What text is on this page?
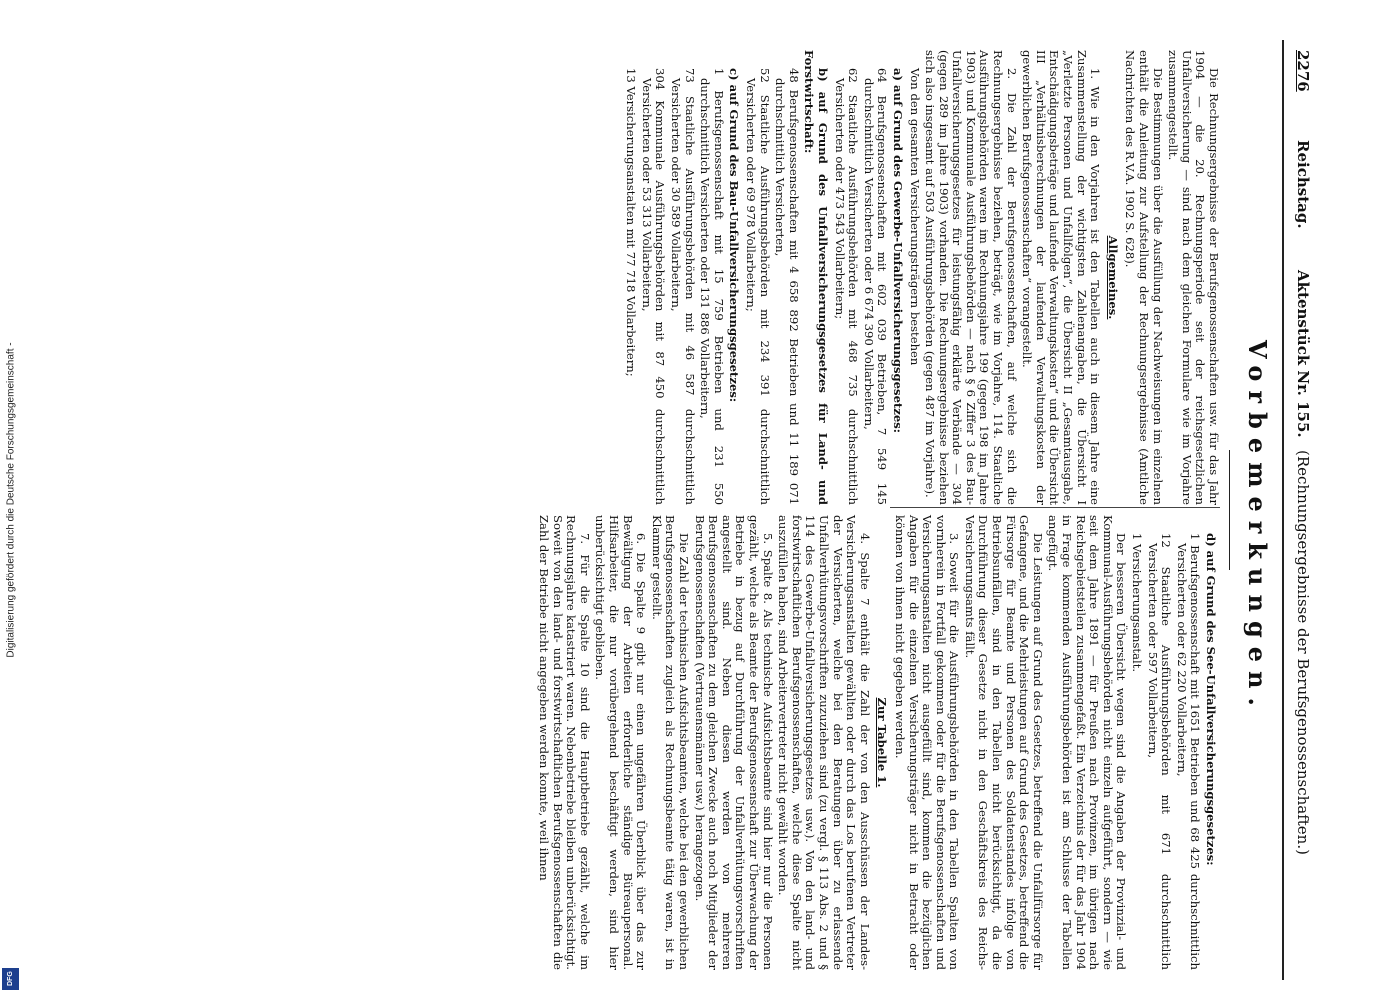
Digitalisierung gefördert durch die Deutsche Forschungsgemeinschaft -
DFG
2276
Reichstag.
Aktenstück Nr. 155.
(Rechnungsergebnisse der Berufsgenossenschaften.)
Vorbemerkungen.

Die Rechnungsergebnisse der Berufsgenossenschaften usw. für das Jahr 1904 — die 20. Rechnungsperiode seit der reichsgesetzlichen Unfallversicherung — sind nach dem gleichen Formulare wie im Vorjahre zusammengestellt.

Die Bestimmungen über die Ausfüllung der Nachweisungen im einzelnen enthält die Anleitung zur Aufstellung der Rechnungsergebnisse (Amtliche Nachrichten des R.V.A. 1902 S. 628).

Allgemeines.

1. Wie in den Vorjahren ist den Tabellen auch in diesem Jahre eine Zusammenstellung der wichtigsten Zahlenangaben, die Übersicht I „Verletzte Personen und Unfallfolgen“, die Übersicht II „Gesamtausgabe, Entschädigungsbeträge und laufende Verwaltungskosten“ und die Übersicht III „Verhältnisberechnungen der laufenden Verwaltungskosten der gewerblichen Berufsgenossenschaften“ vorangestellt.

2. Die Zahl der Berufsgenossenschaften, auf welche sich die Rechnungsergebnisse beziehen, beträgt, wie im Vorjahre, 114. Staatliche Ausführungsbehörden waren im Rechnungsjahre 199 (gegen 198 im Jahre 1903) und Kommunale Ausführungsbehörden — nach § 6 Ziffer 3 des Bau-Unfallversicherungsgesetzes für leistungsfähig erklärte Verbände — 304 (gegen 289 im Jahre 1903) vorhanden. Die Rechnungsergebnisse beziehen sich also insgesamt auf 503 Ausführungsbehörden (gegen 487 im Vorjahre).

Von den gesamten Versicherungsträgern bestehen

a) auf Grund des Gewerbe-Unfallversicherungsgesetzes:

64 Berufsgenossenschaften mit 602 039 Betrieben, 7 549 145 durchschnittlich Versicherten oder 6 674 390 Vollarbeitern,

62 Staatliche Ausführungsbehörden mit 468 735 durchschnittlich Versicherten oder 473 543 Vollarbeitern;

b) auf Grund des Unfallversicherungsgesetzes für Land- und Forstwirtschaft:

48 Berufsgenossenschaften mit 4 658 892 Betrieben und 11 189 071 durchschnittlich Versicherten,

52 Staatliche Ausführungsbehörden mit 234 391 durchschnittlich Versicherten oder 69 978 Vollarbeitern;

c) auf Grund des Bau-Unfallversicherungsgesetzes:

1 Berufsgenossenschaft mit 15 759 Betrieben und 231 550 durchschnittlich Versicherten oder 131 886 Vollarbeitern,

73 Staatliche Ausführungsbehörden mit 46 587 durchschnittlich Versicherten oder 30 589 Vollarbeitern,

304 Kommunale Ausführungsbehörden mit 87 450 durchschnittlich Versicherten oder 53 313 Vollarbeitern,

13 Versicherungsanstalten mit 77 718 Vollarbeitern;

d) auf Grund des See-Unfallversicherungsgesetzes:

1 Berufsgenossenschaft mit 1651 Betrieben und 68 425 durchschnittlich Versicherten oder 62 220 Vollarbeitern,

12 Staatliche Ausführungsbehörden mit 671 durchschnittlich Versicherten oder 597 Vollarbeitern,

1 Versicherungsanstalt.

Der besseren Übersicht wegen sind die Angaben der Provinzial- und Kommunal-Ausführungsbehörden nicht einzeln aufgeführt, sondern — wie seit dem Jahre 1891 — für Preußen nach Provinzen, im übrigen nach Reichsgebietsteilen zusammengefaßt. Ein Verzeichnis der für das Jahr 1904 in Frage kommenden Ausführungsbehörden ist am Schlusse der Tabellen angefügt.

Die Leistungen auf Grund des Gesetzes, betreffend die Unfallfürsorge für Gefangene, und die Mehrleistungen auf Grund des Gesetzes, betreffend die Fürsorge für Beamte und Personen des Soldatenstandes infolge von Betriebsunfällen, sind in den Tabellen nicht berücksichtigt, da die Durchführung dieser Gesetze nicht in den Geschäftskreis des Reichs-Versicherungsamts fällt.

3. Soweit für die Ausführungsbehörden in den Tabellen Spalten von vornherein in Fortfall gekommen oder für die Berufsgenossenschaften und Versicherungsanstalten nicht ausgefüllt sind, kommen die bezüglichen Angaben für die einzelnen Versicherungsträger nicht in Betracht oder können von ihnen nicht gegeben werden.

Zur Tabelle 1.

4. Spalte 7 enthält die Zahl der von den Ausschüssen der Landes-Versicherungsanstalten gewählten oder durch das Los berufenen Vertreter der Versicherten, welche bei den Beratungen über zu erlassende Unfallverhütungsvorschriften zuzuziehen sind (zu vergl. § 113 Abs. 2 und § 114 des Gewerbe-Unfallversicherungsgesetzes usw.). Von den land- und forstwirtschaftlichen Berufsgenossenschaften, welche diese Spalte nicht auszufüllen haben, sind Arbeitervertreter nicht gewählt worden.

5. Spalte 8. Als technische Aufsichtsbeamte sind hier nur die Personen gezählt, welche als Beamte der Berufsgenossenschaft zur Überwachung der Betriebe in bezug auf Durchführung der Unfallverhütungsvorschriften angestellt sind. Neben diesen werden von mehreren Berufsgenossenschaften zu dem gleichen Zwecke auch noch Mitglieder der Berufsgenossenschaften (Vertrauensmänner usw.) herangezogen.

Die Zahl der technischen Aufsichtsbeamten, welche bei den gewerblichen Berufsgenossenschaften zugleich als Rechnungsbeamte tätig waren, ist in Klammer gestellt.

6. Die Spalte 9 gibt nur einen ungefähren Überblick über das zur Bewältigung der Arbeiten erforderliche ständige Büreaupersonal. Hilfsarbeiter, die nur vorübergehend beschäftigt werden, sind hier unberücksichtigt geblieben.

7. Für die Spalte 10 sind die Hauptbetriebe gezählt, welche im Rechnungsjahre katastriert waren. Nebenbetriebe bleiben unberücksichtigt. Soweit von den land- und forstwirtschaftlichen Berufsgenossenschaften die Zahl der Betriebe nicht angegeben werden konnte, weil ihnen
